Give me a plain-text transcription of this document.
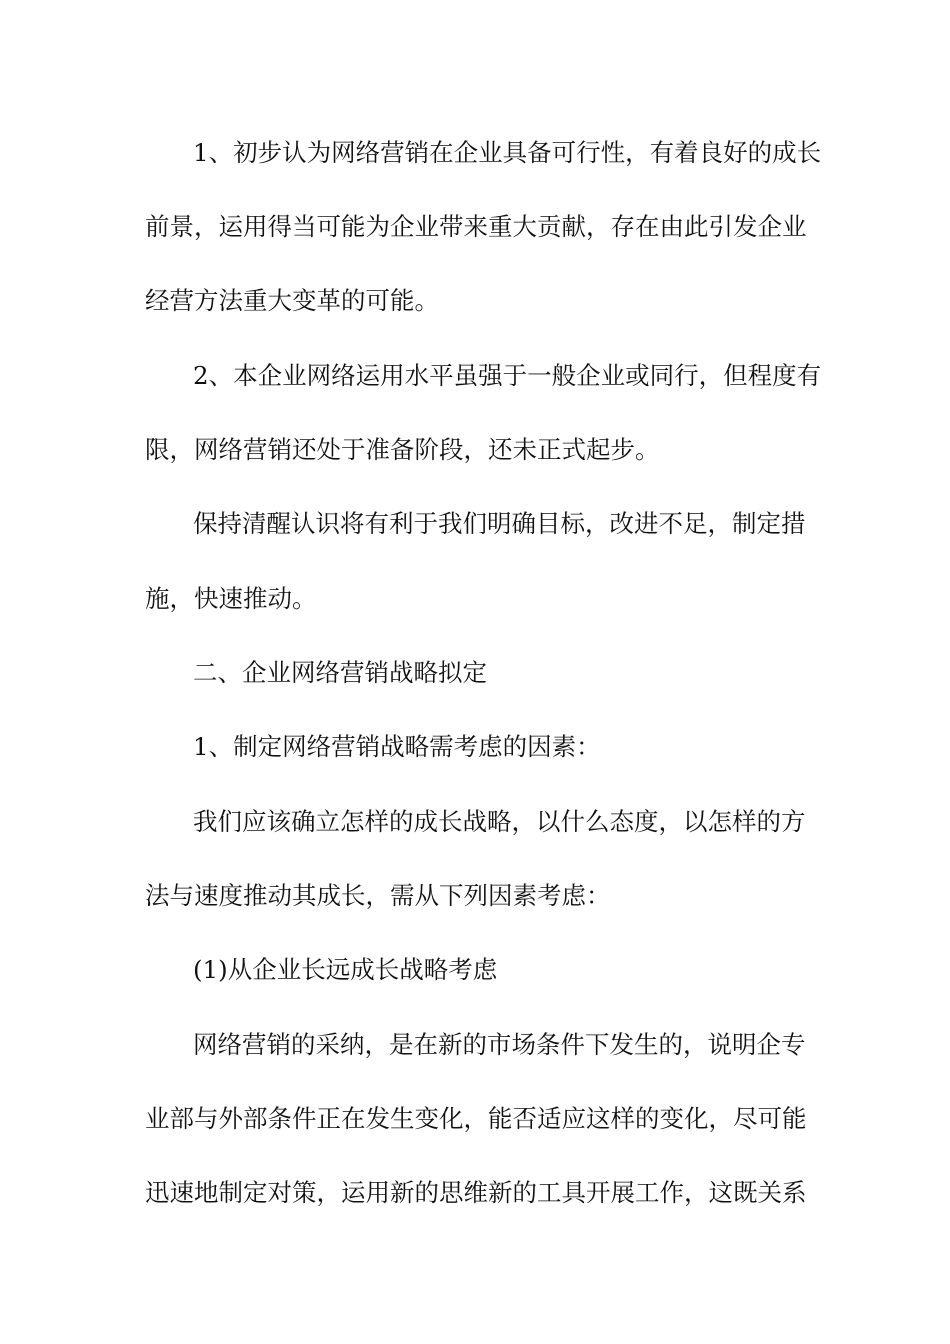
1、初步认为网络营销在企业具备可行性，有着良好的成长
前景，运用得当可能为企业带来重大贡献，存在由此引发企业
经营方法重大变革的可能。
2、本企业网络运用水平虽强于一般企业或同行，但程度有
限，网络营销还处于准备阶段，还未正式起步。
保持清醒认识将有利于我们明确目标，改进不足，制定措
施，快速推动。
二、企业网络营销战略拟定
1、制定网络营销战略需考虑的因素：
我们应该确立怎样的成长战略，以什么态度，以怎样的方
法与速度推动其成长，需从下列因素考虑：
(1)从企业长远成长战略考虑
网络营销的采纳，是在新的市场条件下发生的，说明企专
业部与外部条件正在发生变化，能否适应这样的变化，尽可能
迅速地制定对策，运用新的思维新的工具开展工作，这既关系
